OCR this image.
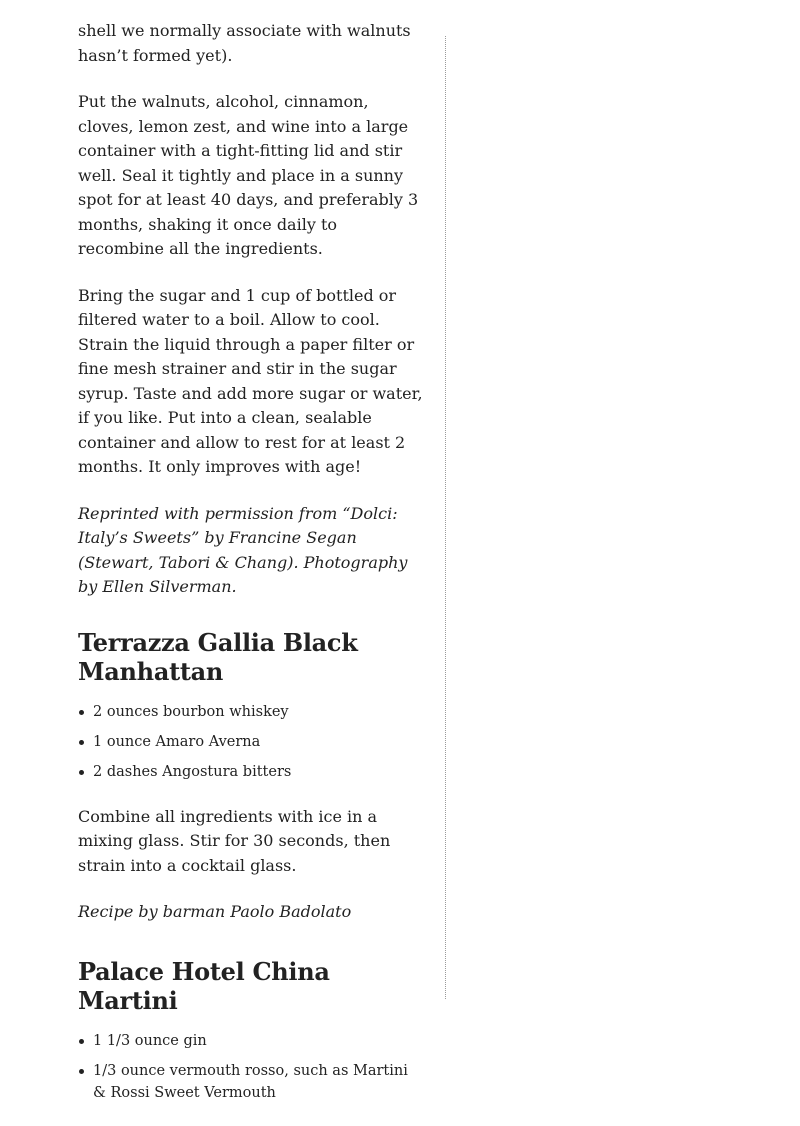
shell we normally associate with walnuts hasn’t formed yet).

Put the walnuts, alcohol, cinnamon, cloves, lemon zest, and wine into a large container with a tight-fitting lid and stir well. Seal it tightly and place in a sunny spot for at least 40 days, and preferably 3 months, shaking it once daily to recombine all the ingredients.

Bring the sugar and 1 cup of bottled or filtered water to a boil. Allow to cool. Strain the liquid through a paper filter or fine mesh strainer and stir in the sugar syrup. Taste and add more sugar or water, if you like. Put into a clean, sealable container and allow to rest for at least 2 months. It only improves with age!

Reprinted with permission from “Dolci: Italy’s Sweets” by Francine Segan (Stewart, Tabori & Chang). Photography by Ellen Silverman.

Terrazza Gallia Black Manhattan
2 ounces bourbon whiskey
1 ounce Amaro Averna
2 dashes Angostura bitters

Combine all ingredients with ice in a mixing glass. Stir for 30 seconds, then strain into a cocktail glass.

Recipe by barman Paolo Badolato

Palace Hotel China Martini
1 1/3 ounce gin
1/3 ounce vermouth rosso, such as Martini & Rossi Sweet Vermouth
